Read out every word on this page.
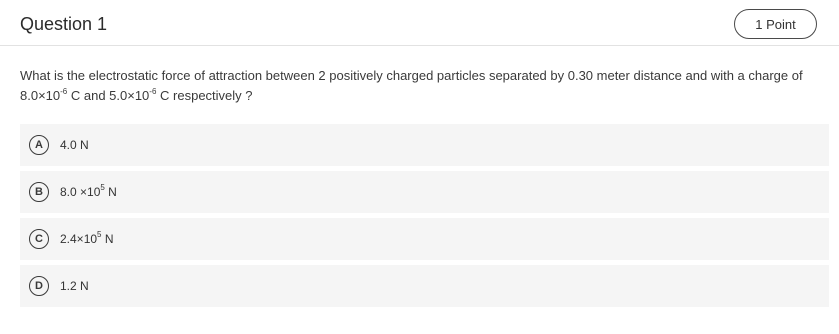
Question 1	1 Point
What is the electrostatic force of attraction between 2 positively charged particles separated by 0.30 meter distance and with a charge of $8.0\times 10^{-6}$ C and $5.0\times 10^{-6}$ C respectively ?
A	4.0 N
B	$8.0 \times 10^5$ N
C	$2.4\times 10^5$ N
D	1.2 N
